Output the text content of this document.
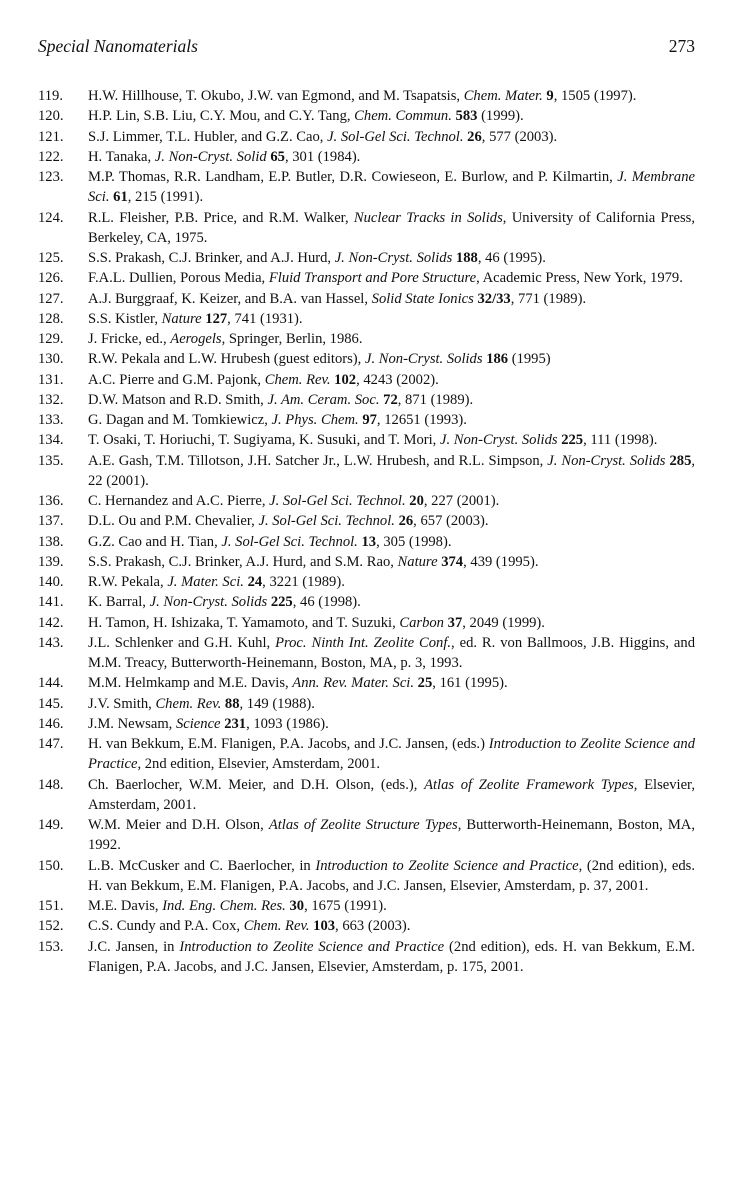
Special Nanomaterials	273
119.	H.W. Hillhouse, T. Okubo, J.W. van Egmond, and M. Tsapatsis, Chem. Mater. 9, 1505 (1997).
120.	H.P. Lin, S.B. Liu, C.Y. Mou, and C.Y. Tang, Chem. Commun. 583 (1999).
121.	S.J. Limmer, T.L. Hubler, and G.Z. Cao, J. Sol-Gel Sci. Technol. 26, 577 (2003).
122.	H. Tanaka, J. Non-Cryst. Solid 65, 301 (1984).
123.	M.P. Thomas, R.R. Landham, E.P. Butler, D.R. Cowieseon, E. Burlow, and P. Kilmartin, J. Membrane Sci. 61, 215 (1991).
124.	R.L. Fleisher, P.B. Price, and R.M. Walker, Nuclear Tracks in Solids, University of California Press, Berkeley, CA, 1975.
125.	S.S. Prakash, C.J. Brinker, and A.J. Hurd, J. Non-Cryst. Solids 188, 46 (1995).
126.	F.A.L. Dullien, Porous Media, Fluid Transport and Pore Structure, Academic Press, New York, 1979.
127.	A.J. Burggraaf, K. Keizer, and B.A. van Hassel, Solid State Ionics 32/33, 771 (1989).
128.	S.S. Kistler, Nature 127, 741 (1931).
129.	J. Fricke, ed., Aerogels, Springer, Berlin, 1986.
130.	R.W. Pekala and L.W. Hrubesh (guest editors), J. Non-Cryst. Solids 186 (1995)
131.	A.C. Pierre and G.M. Pajonk, Chem. Rev. 102, 4243 (2002).
132.	D.W. Matson and R.D. Smith, J. Am. Ceram. Soc. 72, 871 (1989).
133.	G. Dagan and M. Tomkiewicz, J. Phys. Chem. 97, 12651 (1993).
134.	T. Osaki, T. Horiuchi, T. Sugiyama, K. Susuki, and T. Mori, J. Non-Cryst. Solids 225, 111 (1998).
135.	A.E. Gash, T.M. Tillotson, J.H. Satcher Jr., L.W. Hrubesh, and R.L. Simpson, J. Non-Cryst. Solids 285, 22 (2001).
136.	C. Hernandez and A.C. Pierre, J. Sol-Gel Sci. Technol. 20, 227 (2001).
137.	D.L. Ou and P.M. Chevalier, J. Sol-Gel Sci. Technol. 26, 657 (2003).
138.	G.Z. Cao and H. Tian, J. Sol-Gel Sci. Technol. 13, 305 (1998).
139.	S.S. Prakash, C.J. Brinker, A.J. Hurd, and S.M. Rao, Nature 374, 439 (1995).
140.	R.W. Pekala, J. Mater. Sci. 24, 3221 (1989).
141.	K. Barral, J. Non-Cryst. Solids 225, 46 (1998).
142.	H. Tamon, H. Ishizaka, T. Yamamoto, and T. Suzuki, Carbon 37, 2049 (1999).
143.	J.L. Schlenker and G.H. Kuhl, Proc. Ninth Int. Zeolite Conf., ed. R. von Ballmoos, J.B. Higgins, and M.M. Treacy, Butterworth-Heinemann, Boston, MA, p. 3, 1993.
144.	M.M. Helmkamp and M.E. Davis, Ann. Rev. Mater. Sci. 25, 161 (1995).
145.	J.V. Smith, Chem. Rev. 88, 149 (1988).
146.	J.M. Newsam, Science 231, 1093 (1986).
147.	H. van Bekkum, E.M. Flanigen, P.A. Jacobs, and J.C. Jansen, (eds.) Introduction to Zeolite Science and Practice, 2nd edition, Elsevier, Amsterdam, 2001.
148.	Ch. Baerlocher, W.M. Meier, and D.H. Olson, (eds.), Atlas of Zeolite Framework Types, Elsevier, Amsterdam, 2001.
149.	W.M. Meier and D.H. Olson, Atlas of Zeolite Structure Types, Butterworth-Heinemann, Boston, MA, 1992.
150.	L.B. McCusker and C. Baerlocher, in Introduction to Zeolite Science and Practice, (2nd edition), eds. H. van Bekkum, E.M. Flanigen, P.A. Jacobs, and J.C. Jansen, Elsevier, Amsterdam, p. 37, 2001.
151.	M.E. Davis, Ind. Eng. Chem. Res. 30, 1675 (1991).
152.	C.S. Cundy and P.A. Cox, Chem. Rev. 103, 663 (2003).
153.	J.C. Jansen, in Introduction to Zeolite Science and Practice (2nd edition), eds. H. van Bekkum, E.M. Flanigen, P.A. Jacobs, and J.C. Jansen, Elsevier, Amsterdam, p. 175, 2001.
